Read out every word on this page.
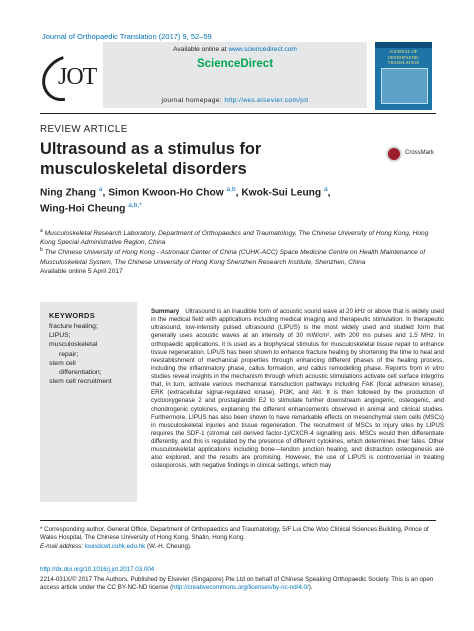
Journal of Orthopaedic Translation (2017) 9, 52–59
JOT
Available online at www.sciencedirect.com
ScienceDirect
journal homepage: http://ees.elsevier.com/jot
JOURNAL OF ORTHOPAEDIC TRANSLATION
REVIEW ARTICLE
Ultrasound as a stimulus for musculoskeletal disorders
CrossMark
Ning Zhang $^a$, Simon Kwoon-Ho Chow $^{a,b}$, Kwok-Sui Leung $^a$,
Wing-Hoi Cheung $^{a,b,*}$
$^a$ Musculoskeletal Research Laboratory, Department of Orthopaedics and Traumatology, The Chinese University of Hong Kong, Hong Kong Special Administrative Region, China
$^b$ The Chinese University of Hong Kong - Astronaut Center of China (CUHK-ACC) Space Medicine Centre on Health Maintenance of Musculoskeletal System, The Chinese University of Hong Kong Shenzhen Research Institute, Shenzhen, China
Available online 5 April 2017
KEYWORDS
fracture healing;
LIPUS;
musculoskeletal
repair;
stem cell
differentiation;
stem cell recruitment
Summary Ultrasound is an inaudible form of acoustic sound wave at 20 kHz or above that is widely used in the medical field with applications including medical imaging and therapeutic stimulation. In therapeutic ultrasound, low-intensity pulsed ultrasound (LIPUS) is the most widely used and studied form that generally uses acoustic waves at an intensity of 30 mW/cm², with 200 ms pulses and 1.5 MHz. In orthopaedic applications, it is used as a biophysical stimulus for musculoskeletal tissue repair to enhance tissue regeneration. LIPUS has been shown to enhance fracture healing by shortening the time to heal and reestablishment of mechanical properties through enhancing different phases of the healing process, including the inflammatory phase, callus formation, and callus remodelling phase. Reports from in vitro studies reveal insights in the mechanism through which acoustic stimulations activate cell surface integrins that, in turn, activate various mechanical transduction pathways including FAK (focal adhesion kinase), ERK (extracellular signal-regulated kinase), PI3K, and Akt. It is then followed by the production of cyclooxygenase 2 and prostaglandin E2 to stimulate further downstream angiogenic, osteogenic, and chondrogenic cytokines, explaining the different enhancements observed in animal and clinical studies. Furthermore, LIPUS has also been shown to have remarkable effects on mesenchymal stem cells (MSCs) in musculoskeletal injuries and tissue regeneration. The recruitment of MSCs to injury sites by LIPUS requires the SDF-1 (stromal cell derived factor-1)/CXCR-4 signalling axis. MSCs would then differentiate differently, and this is regulated by the presence of different cytokines, which determines their fates. Other musculoskeletal applications including bone—tendon junction healing, and distraction osteogenesis are also explored, and the results are promising. However, the use of LIPUS is controversial in treating osteoporosis, with negative findings in clinical settings, which may
* Corresponding author. General Office, Department of Orthopaedics and Traumatology, 5/F Lui Che Woo Clinical Sciences Building, Prince of Wales Hospital, The Chinese University of Hong Kong, Shatin, Hong Kong.
E-mail address: louisdcwt.cuhk.edu.hk (W.-H. Cheung).
http://dx.doi.org/10.1016/j.jot.2017.03.004
2214-031X/© 2017 The Authors. Published by Elsevier (Singapore) Pte Ltd on behalf of Chinese Speaking Orthopaedic Society. This is an open access article under the CC BY-NC-ND license (http://creativecommons.org/licenses/by-nc-nd/4.0/).
